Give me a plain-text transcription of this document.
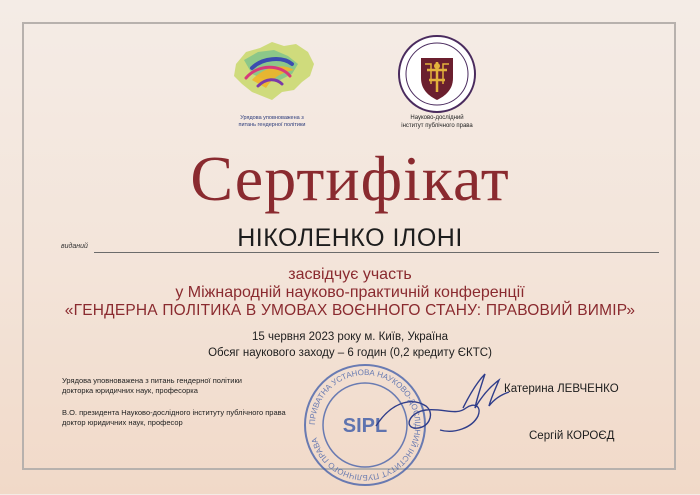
Урядова уповноважена з
питань гендерної політики
Науково-дослідний
інститут публічного права
Сертифікат
виданий	НІКОЛЕНКО ІЛОНІ
засвідчує участь
у Міжнародній науково-практичній конференції
«ГЕНДЕРНА ПОЛІТИКА В УМОВАХ ВОЄННОГО СТАНУ: ПРАВОВИЙ ВИМІР»
15 червня 2023 року м. Київ, Україна
Обсяг наукового заходу – 6 годин (0,2 кредиту ЄКТС)
Урядова уповноважена з питань гендерної політики
докторка юридичних наук, професорка
В.О. президента Науково-дослідного інституту публічного права
доктор юридичних наук, професор	ПРИВАТНА УСТАНОВА НАУКОВО-ДОСЛІДНИЙ ІНСТИТУТ ПУБЛІЧНОГО ПРАВА
SIPL
Катерина ЛЕВЧЕНКО
Сергій КОРОЄД
